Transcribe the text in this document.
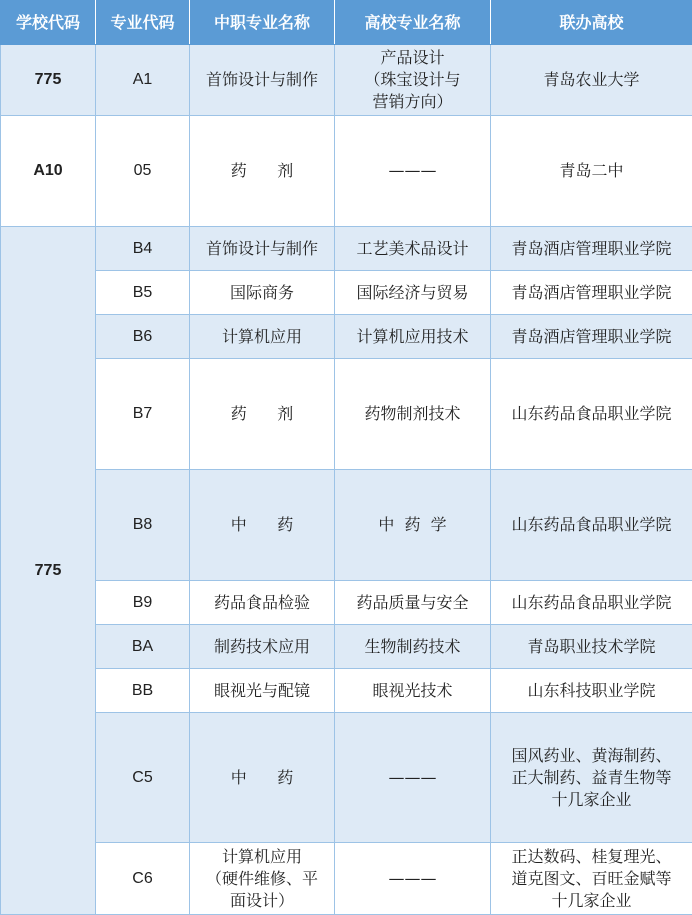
学校代码	专业代码	中职专业名称	高校专业名称	联办高校
775	A1	首饰设计与制作	产品设计
（珠宝设计与
营销方向）	青岛农业大学

A10	05	药      剂	———	青岛二中

775	B4	首饰设计与制作	工艺美术品设计	青岛酒店管理职业学院

	B5	国际商务	国际经济与贸易	青岛酒店管理职业学院

	B6	计算机应用	计算机应用技术	青岛酒店管理职业学院

	B7	药      剂	药物制剂技术	山东药品食品职业学院

	B8	中      药	中  药  学	山东药品食品职业学院

	B9	药品食品检验	药品质量与安全	山东药品食品职业学院

	BA	制药技术应用	生物制药技术	青岛职业技术学院

	BB	眼视光与配镜	眼视光技术	山东科技职业学院

	C5	中      药	———	国风药业、黄海制药、
正大制药、益青生物等
十几家企业

	C6	计算机应用
（硬件维修、平
面设计）	———	正达数码、桂复理光、
道克图文、百旺金赋等
十几家企业
